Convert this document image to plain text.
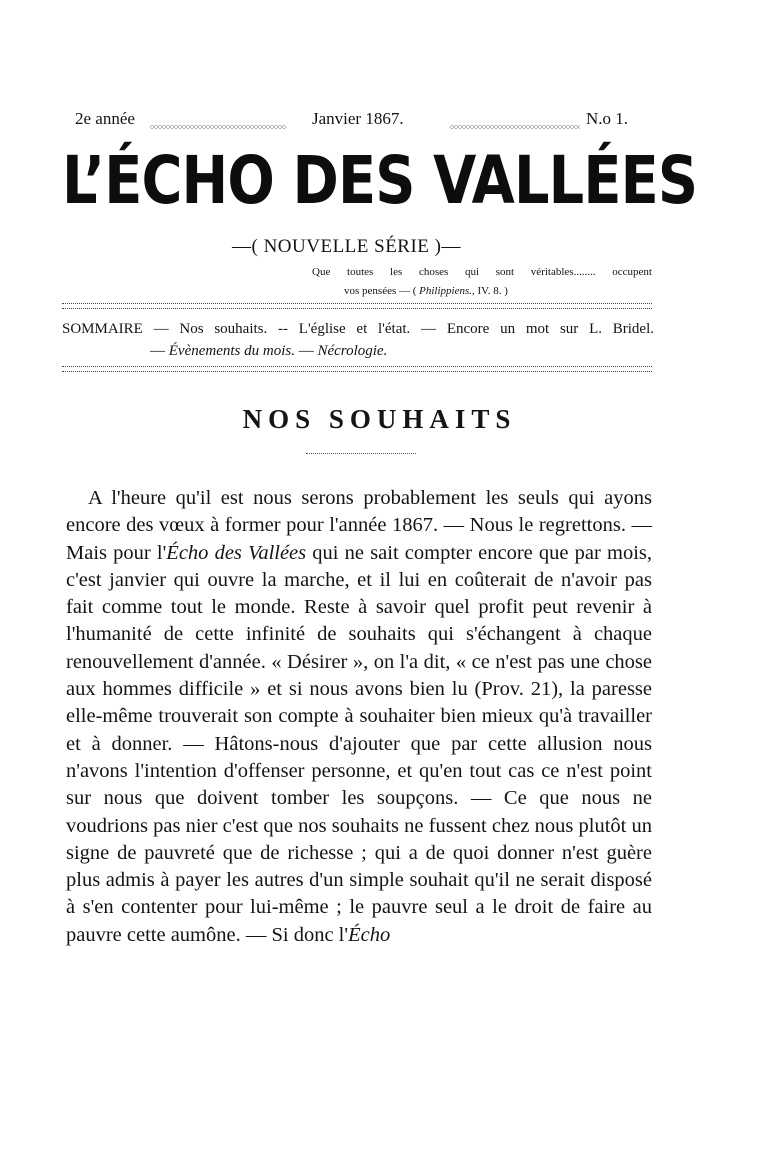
2e année	Janvier 1867.	N.o 1.
L’ÉCHO DES VALLÉES
—( NOUVELLE SÉRIE )—
Que toutes les choses qui sont véritables........ occupent
vos pensées — ( Philippiens., IV. 8. )
SOMMAIRE — Nos souhaits. -- L'église et l'état. — Encore un mot sur L. Bridel.
— Évènements du mois. — Nécrologie.
NOS SOUHAITS

A l'heure qu'il est nous serons probablement les seuls qui ayons encore des vœux à former pour l'année 1867. — Nous le regrettons. — Mais pour l'Écho des Vallées qui ne sait compter encore que par mois, c'est janvier qui ouvre la marche, et il lui en coûterait de n'avoir pas fait comme tout le monde. Reste à savoir quel profit peut revenir à l'humanité de cette infinité de souhaits qui s'échangent à chaque renouvellement d'année. « Désirer », on l'a dit, « ce n'est pas une chose aux hommes difficile » et si nous avons bien lu (Prov. 21), la paresse elle-même trouverait son compte à souhaiter bien mieux qu'à travailler et à donner. — Hâtons-nous d'ajouter que par cette allusion nous n'avons l'intention d'offenser personne, et qu'en tout cas ce n'est point sur nous que doivent tomber les soupçons. — Ce que nous ne voudrions pas nier c'est que nos souhaits ne fussent chez nous plutôt un signe de pauvreté que de richesse ; qui a de quoi donner n'est guère plus admis à payer les autres d'un simple souhait qu'il ne serait disposé à s'en contenter pour lui-même ; le pauvre seul a le droit de faire au pauvre cette aumône. — Si donc l'Écho
